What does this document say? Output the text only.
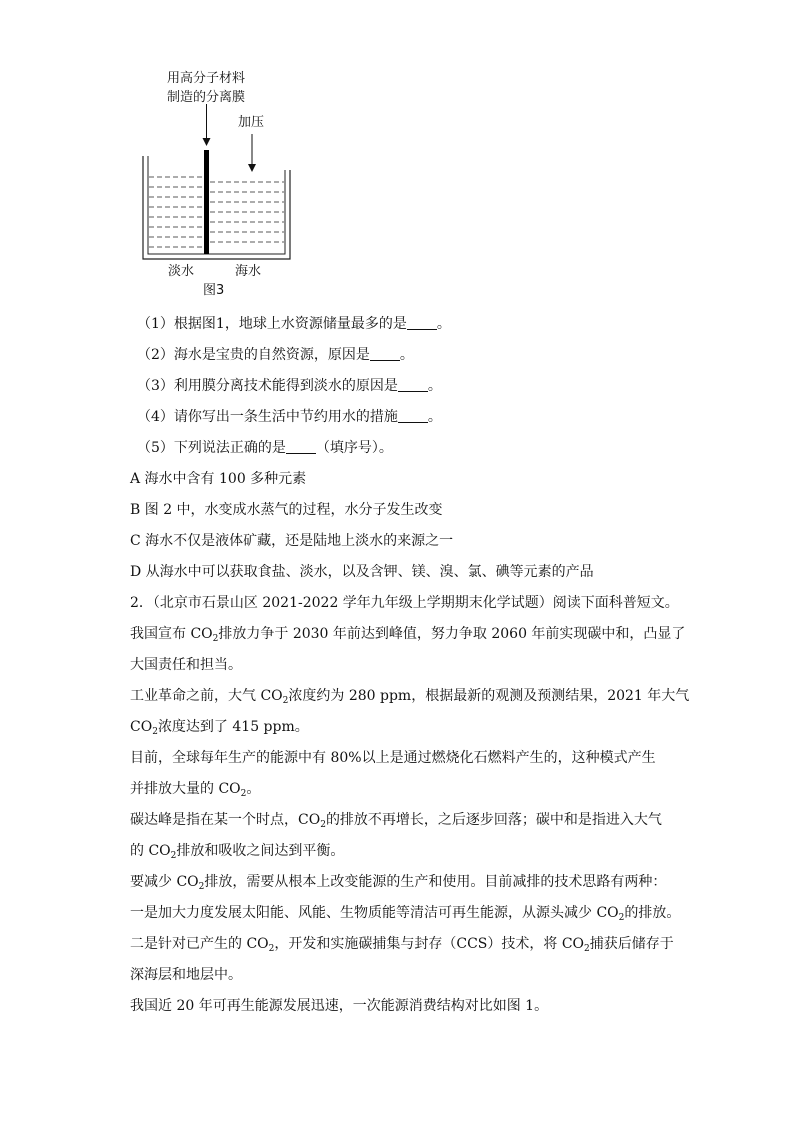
用高分子材料
制造的分离膜
加压
淡水	海水
图3
（1）根据图1，地球上水资源储量最多的是 。
（2）海水是宝贵的自然资源，原因是 。
（3）利用膜分离技术能得到淡水的原因是 。
（4）请你写出一条生活中节约用水的措施 。
（5）下列说法正确的是 （填序号）。
A 海水中含有 100 多种元素
B 图 2 中，水变成水蒸气的过程，水分子发生改变
C 海水不仅是液体矿藏，还是陆地上淡水的来源之一
D 从海水中可以获取食盐、淡水，以及含钾、镁、溴、氯、碘等元素的产品
2．（北京市石景山区 2021-2022 学年九年级上学期期末化学试题）阅读下面科普短文。
我国宣布 $CO_2$排放力争于 2030 年前达到峰值，努力争取 2060 年前实现碳中和，凸显了
大国责任和担当。
工业革命之前，大气 $CO_2$浓度约为 280 ppm，根据最新的观测及预测结果，2021 年大气
$CO_2$浓度达到了 415 ppm。
目前，全球每年生产的能源中有 80%以上是通过燃烧化石燃料产生的，这种模式产生
并排放大量的 $CO_2$。
碳达峰是指在某一个时点，$CO_2$的排放不再增长，之后逐步回落；碳中和是指进入大气
的 $CO_2$排放和吸收之间达到平衡。
要减少 $CO_2$排放，需要从根本上改变能源的生产和使用。目前减排的技术思路有两种：
一是加大力度发展太阳能、风能、生物质能等清洁可再生能源，从源头减少 $CO_2$的排放。
二是针对已产生的 $CO_2$，开发和实施碳捕集与封存（CCS）技术，将 $CO_2$捕获后储存于
深海层和地层中。
我国近 20 年可再生能源发展迅速，一次能源消费结构对比如图 1。
